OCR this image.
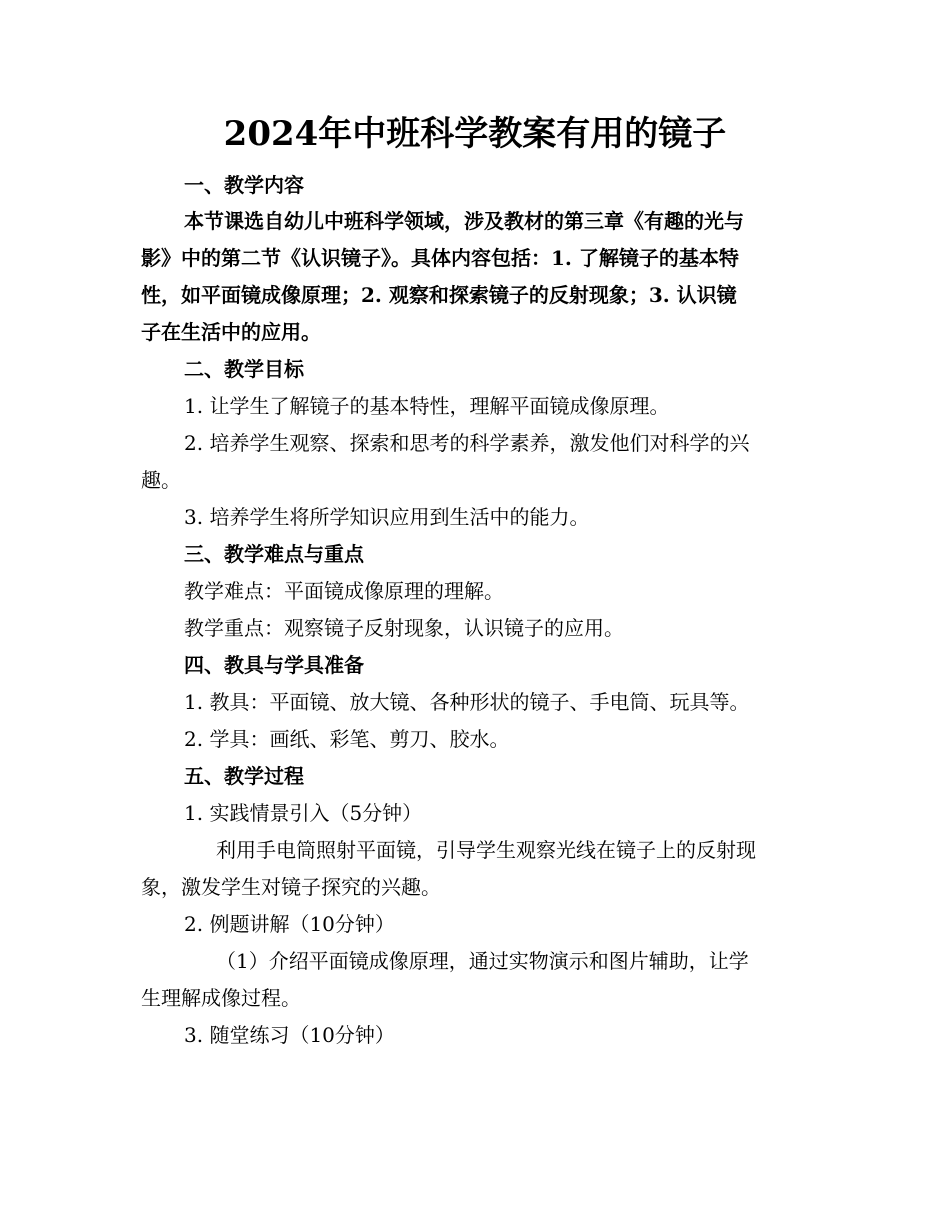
2024年中班科学教案有用的镜子
一、教学内容
本节课选自幼儿中班科学领域，涉及教材的第三章《有趣的光与
影》中的第二节《认识镜子》。具体内容包括：1. 了解镜子的基本特
性，如平面镜成像原理；2. 观察和探索镜子的反射现象；3. 认识镜
子在生活中的应用。
二、教学目标
1. 让学生了解镜子的基本特性，理解平面镜成像原理。
2. 培养学生观察、探索和思考的科学素养，激发他们对科学的兴
趣。
3. 培养学生将所学知识应用到生活中的能力。
三、教学难点与重点
教学难点：平面镜成像原理的理解。
教学重点：观察镜子反射现象，认识镜子的应用。
四、教具与学具准备
1. 教具：平面镜、放大镜、各种形状的镜子、手电筒、玩具等。
2. 学具：画纸、彩笔、剪刀、胶水。
五、教学过程
1. 实践情景引入（5分钟）
利用手电筒照射平面镜，引导学生观察光线在镜子上的反射现
象，激发学生对镜子探究的兴趣。
2. 例题讲解（10分钟）
（1）介绍平面镜成像原理，通过实物演示和图片辅助，让学
生理解成像过程。
3. 随堂练习（10分钟）
